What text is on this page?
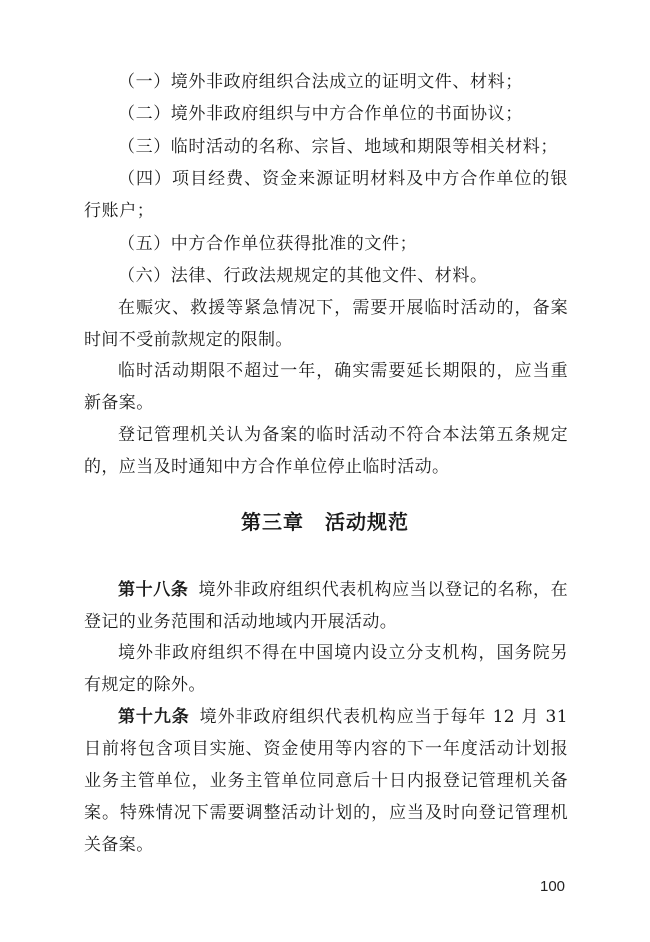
（一）境外非政府组织合法成立的证明文件、材料；

（二）境外非政府组织与中方合作单位的书面协议；

（三）临时活动的名称、宗旨、地域和期限等相关材料；

（四）项目经费、资金来源证明材料及中方合作单位的银行账户；

（五）中方合作单位获得批准的文件；

（六）法律、行政法规规定的其他文件、材料。

在赈灾、救援等紧急情况下，需要开展临时活动的，备案时间不受前款规定的限制。

临时活动期限不超过一年，确实需要延长期限的，应当重新备案。

登记管理机关认为备案的临时活动不符合本法第五条规定的，应当及时通知中方合作单位停止临时活动。

第三章　活动规范

第十八条 境外非政府组织代表机构应当以登记的名称，在登记的业务范围和活动地域内开展活动。

境外非政府组织不得在中国境内设立分支机构，国务院另有规定的除外。

第十九条 境外非政府组织代表机构应当于每年 12 月 31 日前将包含项目实施、资金使用等内容的下一年度活动计划报业务主管单位，业务主管单位同意后十日内报登记管理机关备案。特殊情况下需要调整活动计划的，应当及时向登记管理机关备案。

100
